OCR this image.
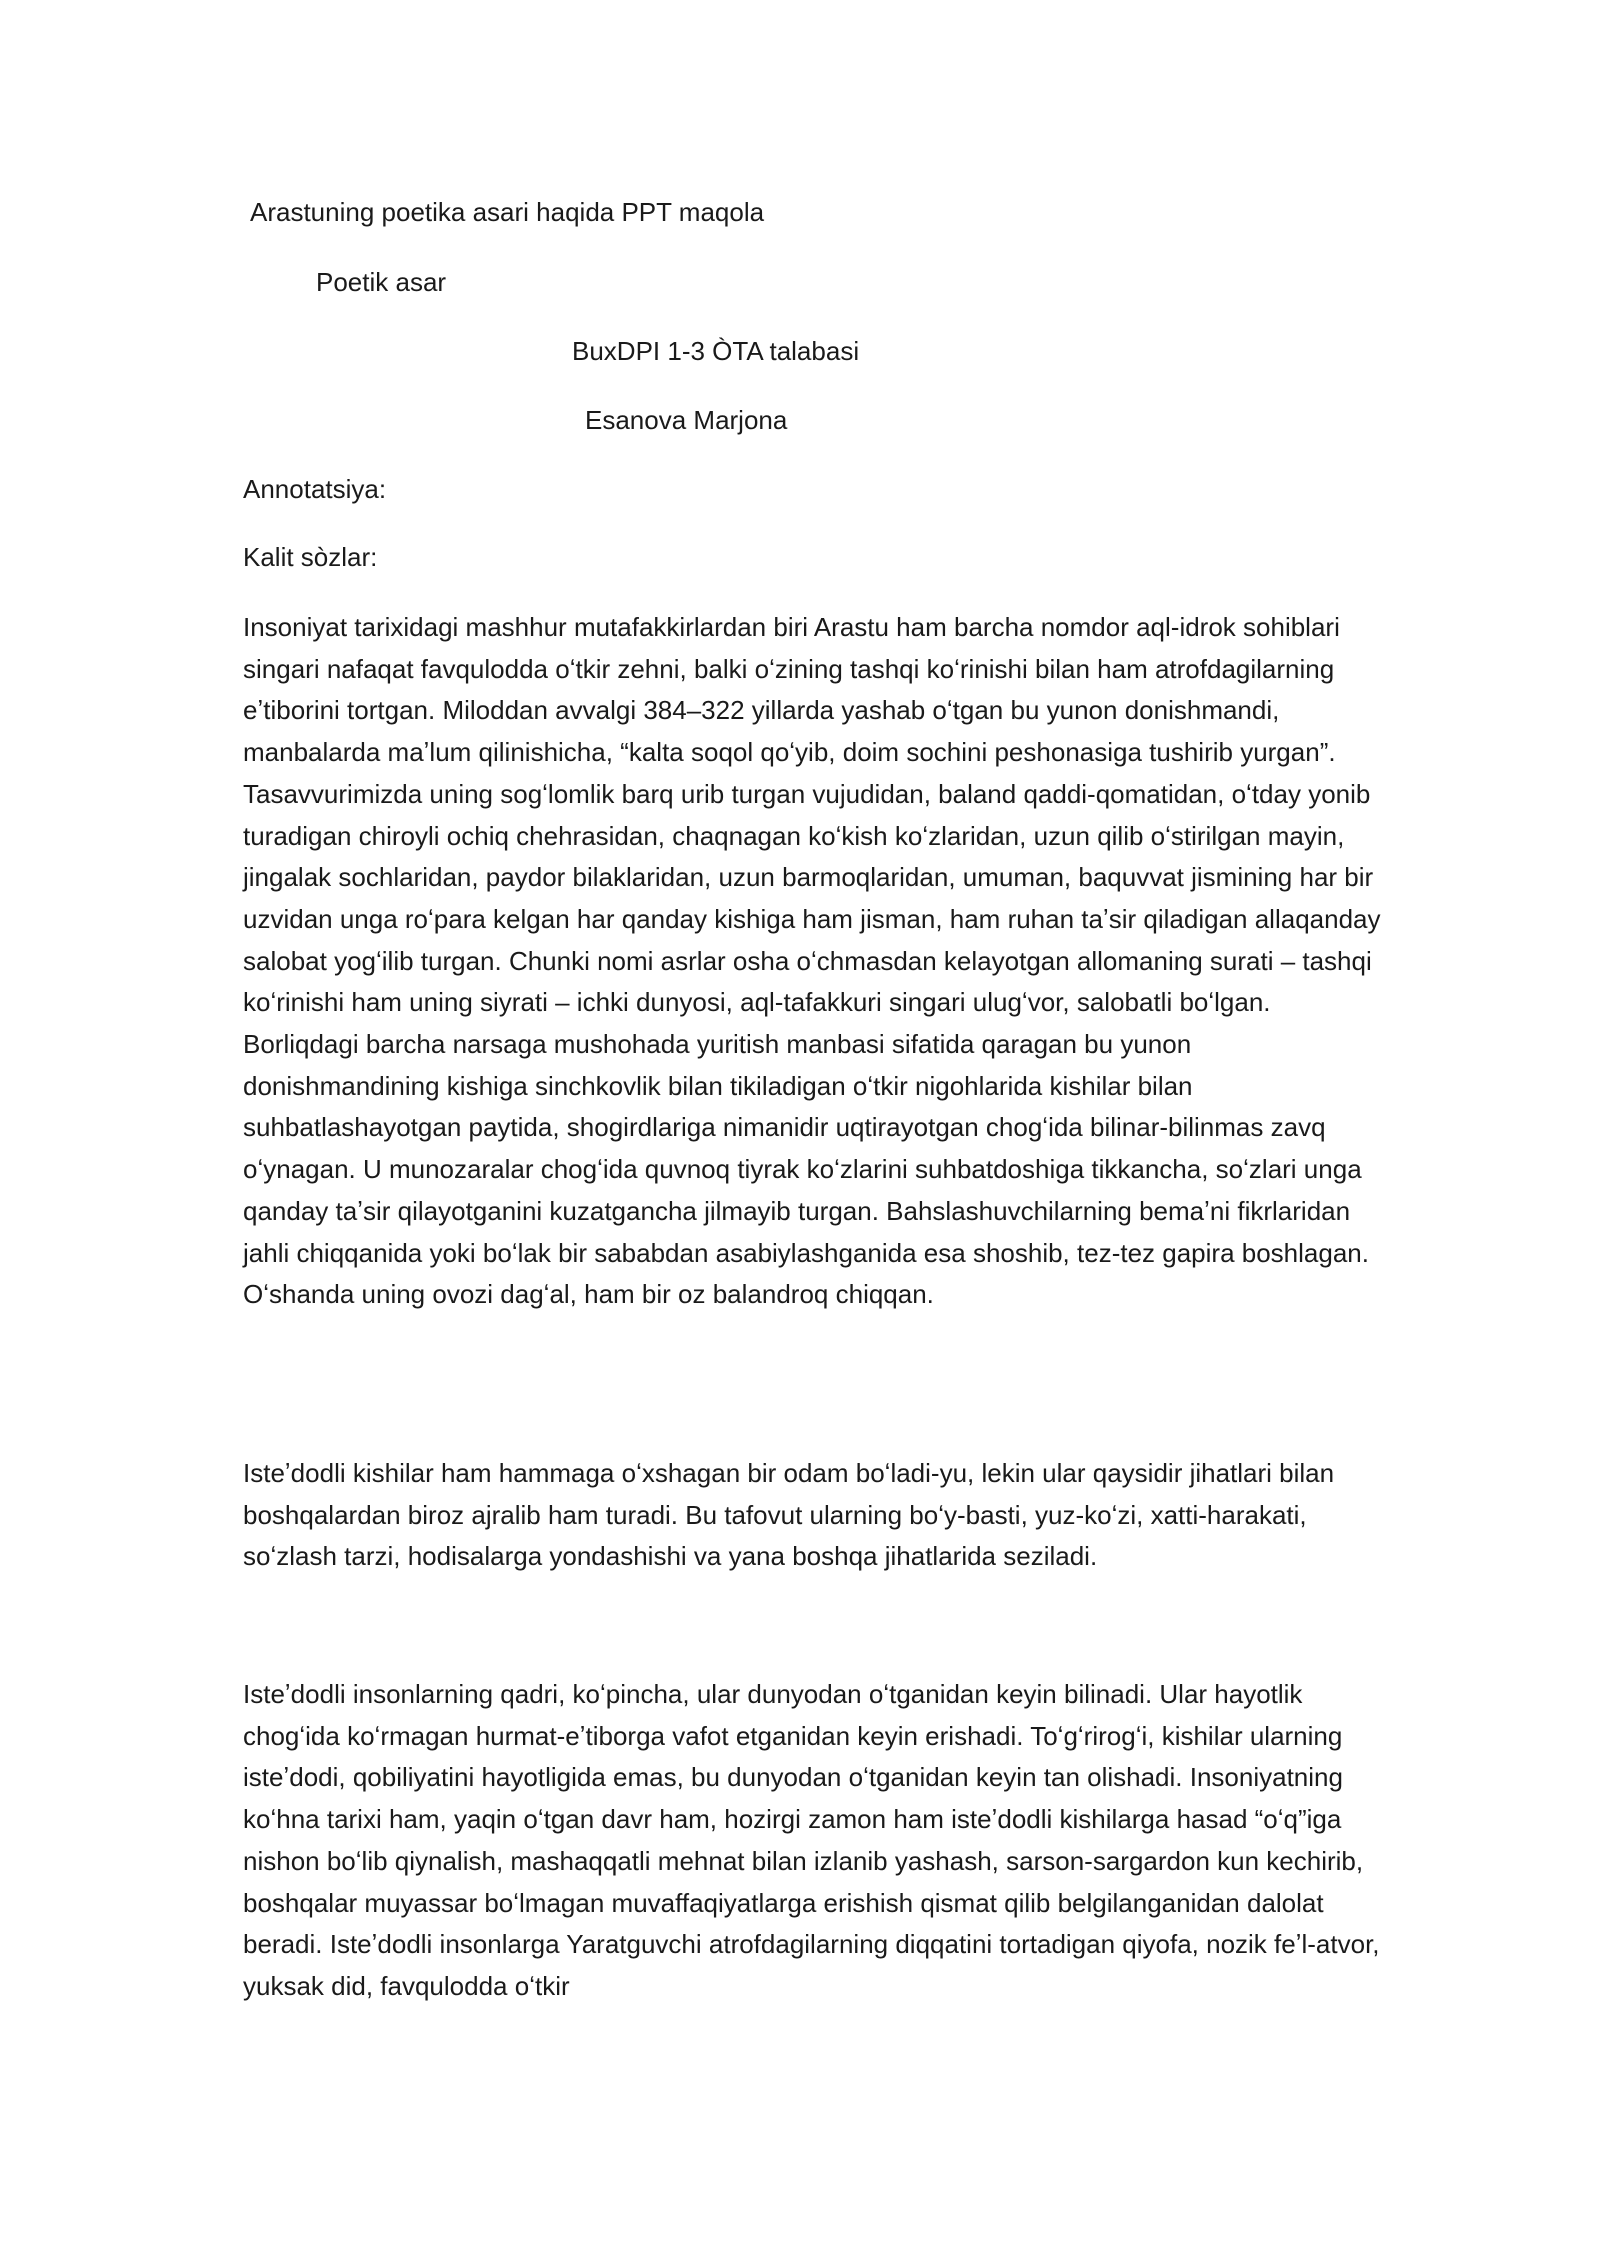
Arastuning poetika asari haqida PPT maqola
Poetik asar
BuxDPI 1-3 ÒTA talabasi
Esanova Marjona
Annotatsiya:
Kalit sòzlar:

Insoniyat tarixidagi mashhur mutafakkirlardan biri Arastu ham barcha nomdor aql-idrok sohiblari singari nafaqat favqulodda oʻtkir zehni, balki oʻzining tashqi koʻrinishi bilan ham atrofdagilarning eʼtiborini tortgan. Miloddan avvalgi 384–322 yillarda yashab oʻtgan bu yunon donishmandi, manbalarda maʼlum qilinishicha, “kalta soqol qoʻyib, doim sochini peshonasiga tushirib yurgan”. Tasavvurimizda uning sogʻlomlik barq urib turgan vujudidan, baland qaddi-qomatidan, oʻtday yonib turadigan chiroyli ochiq chehrasidan, chaqnagan koʻkish koʻzlaridan, uzun qilib oʻstirilgan mayin, jingalak sochlaridan, paydor bilaklaridan, uzun barmoqlaridan, umuman, baquvvat jismining har bir uzvidan unga roʻpara kelgan har qanday kishiga ham jisman, ham ruhan taʼsir qiladigan allaqanday salobat yogʻilib turgan. Chunki nomi asrlar osha oʻchmasdan kelayotgan allomaning surati – tashqi koʻrinishi ham uning siyrati – ichki dunyosi, aql-tafakkuri singari ulugʻvor, salobatli boʻlgan. Borliqdagi barcha narsaga mushohada yuritish manbasi sifatida qaragan bu yunon donishmandining kishiga sinchkovlik bilan tikiladigan oʻtkir nigohlarida kishilar bilan suhbatlashayotgan paytida, shogirdlariga nimanidir uqtirayotgan chogʻida bilinar-bilinmas zavq oʻynagan. U munozaralar chogʻida quvnoq tiyrak koʻzlarini suhbatdoshiga tikkancha, soʻzlari unga qanday taʼsir qilayotganini kuzatgancha jilmayib turgan. Bahslashuvchilarning bemaʼni fikrlaridan jahli chiqqanida yoki boʻlak bir sababdan asabiylashganida esa shoshib, tez-tez gapira boshlagan. Oʻshanda uning ovozi dagʻal, ham bir oz balandroq chiqqan.

Isteʼdodli kishilar ham hammaga oʻxshagan bir odam boʻladi-yu, lekin ular qaysidir jihatlari bilan boshqalardan biroz ajralib ham turadi. Bu tafovut ularning boʻy-basti, yuz-koʻzi, xatti-harakati, soʻzlash tarzi, hodisalarga yondashishi va yana boshqa jihatlarida seziladi.

Isteʼdodli insonlarning qadri, koʻpincha, ular dunyodan oʻtganidan keyin bilinadi. Ular hayotlik chogʻida koʻrmagan hurmat-eʼtiborga vafot etganidan keyin erishadi. Toʻgʻrirogʻi, kishilar ularning isteʼdodi, qobiliyatini hayotligida emas, bu dunyodan oʻtganidan keyin tan olishadi. Insoniyatning koʻhna tarixi ham, yaqin oʻtgan davr ham, hozirgi zamon ham isteʼdodli kishilarga hasad “oʻq”iga nishon boʻlib qiynalish, mashaqqatli mehnat bilan izlanib yashash, sarson-sargardon kun kechirib, boshqalar muyassar boʻlmagan muvaffaqiyatlarga erishish qismat qilib belgilanganidan dalolat beradi. Isteʼdodli insonlarga Yaratguvchi atrofdagilarning diqqatini tortadigan qiyofa, nozik feʼl-atvor, yuksak did, favqulodda oʻtkir
